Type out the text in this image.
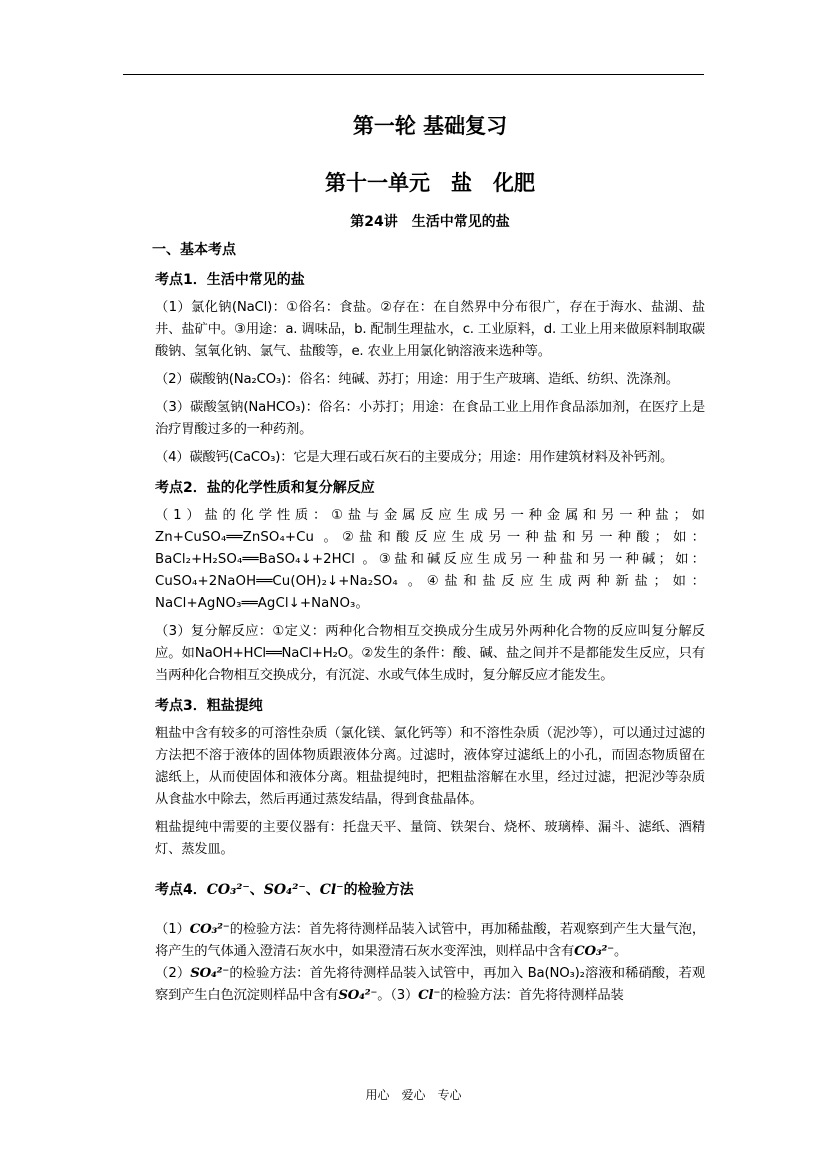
第一轮 基础复习
第十一单元　盐　化肥
第24讲　生活中常见的盐
一、基本考点
考点1．生活中常见的盐
（1）氯化钠(NaCl)：①俗名：食盐。②存在：在自然界中分布很广，存在于海水、盐湖、盐井、盐矿中。③用途：a. 调味品，b. 配制生理盐水，c. 工业原料，d. 工业上用来做原料制取碳酸钠、氢氧化钠、氯气、盐酸等，e. 农业上用氯化钠溶液来选种等。
（2）碳酸钠(Na₂CO₃)：俗名：纯碱、苏打；用途：用于生产玻璃、造纸、纺织、洗涤剂。
（3）碳酸氢钠(NaHCO₃)：俗名：小苏打；用途：在食品工业上用作食品添加剂，在医疗上是治疗胃酸过多的一种药剂。
（4）碳酸钙(CaCO₃)：它是大理石或石灰石的主要成分；用途：用作建筑材料及补钙剂。
考点2．盐的化学性质和复分解反应
（1）盐的化学性质：①盐与金属反应生成另一种金属和另一种盐；如Zn+CuSO₄══ZnSO₄+Cu 。②盐和酸反应生成另一种盐和另一种酸；如：BaCl₂+H₂SO₄══BaSO₄↓+2HCl 。③盐和碱反应生成另一种盐和另一种碱；如：CuSO₄+2NaOH══Cu(OH)₂↓+Na₂SO₄ 。④盐和盐反应生成两种新盐；如：NaCl+AgNO₃══AgCl↓+NaNO₃。
（3）复分解反应：①定义：两种化合物相互交换成分生成另外两种化合物的反应叫复分解反应。如NaOH+HCl══NaCl+H₂O。②发生的条件：酸、碱、盐之间并不是都能发生反应，只有当两种化合物相互交换成分，有沉淀、水或气体生成时，复分解反应才能发生。
考点3．粗盐提纯
粗盐中含有较多的可溶性杂质（氯化镁、氯化钙等）和不溶性杂质（泥沙等），可以通过过滤的方法把不溶于液体的固体物质跟液体分离。过滤时，液体穿过滤纸上的小孔，而固态物质留在滤纸上，从而使固体和液体分离。粗盐提纯时，把粗盐溶解在水里，经过过滤，把泥沙等杂质从食盐水中除去，然后再通过蒸发结晶，得到食盐晶体。
粗盐提纯中需要的主要仪器有：托盘天平、量筒、铁架台、烧杯、玻璃棒、漏斗、滤纸、酒精灯、蒸发皿。
考点4．CO₃²⁻、SO₄²⁻、Cl⁻的检验方法
（1）CO₃²⁻的检验方法：首先将待测样品装入试管中，再加稀盐酸，若观察到产生大量气泡，将产生的气体通入澄清石灰水中，如果澄清石灰水变浑浊，则样品中含有CO₃²⁻。
（2）SO₄²⁻的检验方法：首先将待测样品装入试管中，再加入 Ba(NO₃)₂溶液和稀硝酸，若观察到产生白色沉淀则样品中含有SO₄²⁻。（3）Cl⁻的检验方法：首先将待测样品装
用心　爱心　专心
